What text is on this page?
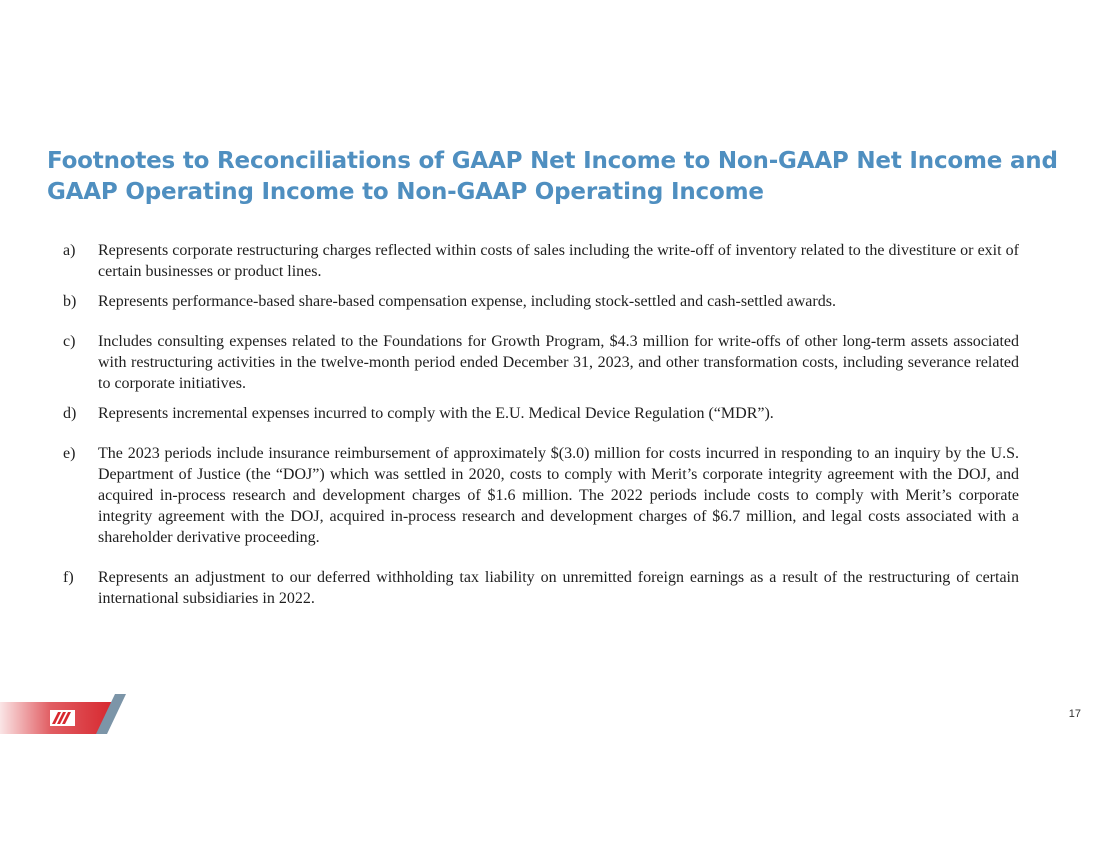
Footnotes to Reconciliations of GAAP Net Income to Non-GAAP Net Income and
GAAP Operating Income to Non-GAAP Operating Income
a) Represents corporate restructuring charges reflected within costs of sales including the write-off of inventory related to the divestiture or exit of certain businesses or product lines.
b) Represents performance-based share-based compensation expense, including stock-settled and cash-settled awards.
c) Includes consulting expenses related to the Foundations for Growth Program, $4.3 million for write-offs of other long-term assets associated with restructuring activities in the twelve-month period ended December 31, 2023, and other transformation costs, including severance related to corporate initiatives.
d) Represents incremental expenses incurred to comply with the E.U. Medical Device Regulation (“MDR”).
e) The 2023 periods include insurance reimbursement of approximately $(3.0) million for costs incurred in responding to an inquiry by the U.S. Department of Justice (the “DOJ”) which was settled in 2020, costs to comply with Merit’s corporate integrity agreement with the DOJ, and acquired in-process research and development charges of $1.6 million. The 2022 periods include costs to comply with Merit’s corporate integrity agreement with the DOJ, acquired in-process research and development charges of $6.7 million, and legal costs associated with a shareholder derivative proceeding.
f) Represents an adjustment to our deferred withholding tax liability on unremitted foreign earnings as a result of the restructuring of certain international subsidiaries in 2022.
17
